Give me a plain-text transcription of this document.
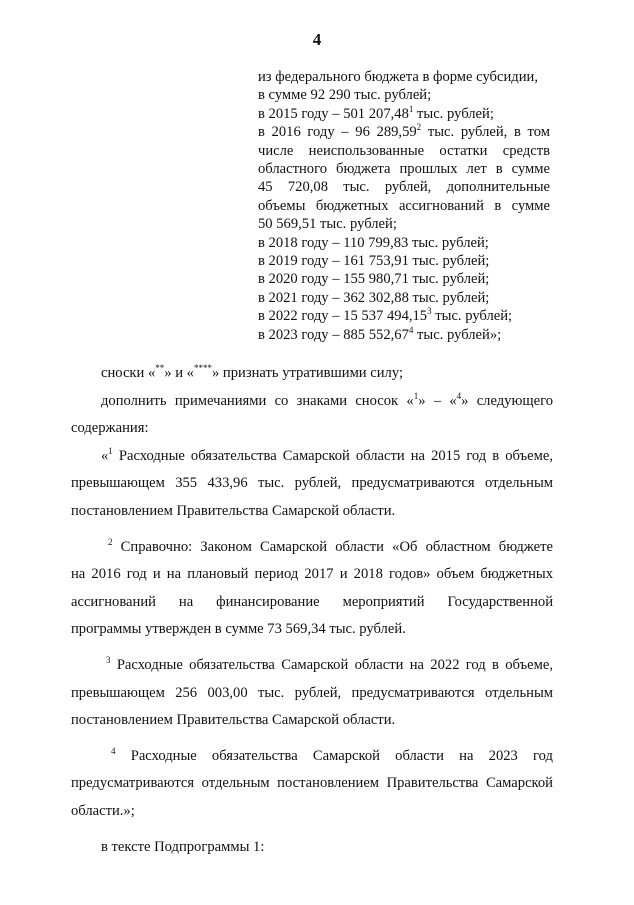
4
из федерального бюджета в форме субсидии,
в сумме 92 290 тыс. рублей;
в 2015 году – 501 207,48$^1$ тыс. рублей;
в 2016 году – 96 289,59$^2$ тыс. рублей, в том
числе неиспользованные остатки средств
областного бюджета прошлых лет в сумме
45 720,08 тыс. рублей, дополнительные
объемы бюджетных ассигнований в сумме
50 569,51 тыс. рублей;
в 2018 году – 110 799,83 тыс. рублей;
в 2019 году – 161 753,91 тыс. рублей;
в 2020 году – 155 980,71 тыс. рублей;
в 2021 году – 362 302,88 тыс. рублей;
в 2022 году – 15 537 494,15$^3$ тыс. рублей;
в 2023 году – 885 552,67$^4$ тыс. рублей»;

сноски «**» и «****» признать утратившими силу;

дополнить примечаниями со знаками сносок «$^1$» – «$^4$» следующего
содержания:

«$^1$ Расходные обязательства Самарской области на 2015 год в объеме,
превышающем 355 433,96 тыс. рублей, предусматриваются отдельным
постановлением Правительства Самарской области.

$^2$ Справочно: Законом Самарской области «Об областном бюджете
на 2016 год и на плановый период 2017 и 2018 годов» объем бюджетных
ассигнований на финансирование мероприятий Государственной
программы утвержден в сумме 73 569,34 тыс. рублей.

$^3$ Расходные обязательства Самарской области на 2022 год в объеме,
превышающем 256 003,00 тыс. рублей, предусматриваются отдельным
постановлением Правительства Самарской области.

$^4$ Расходные обязательства Самарской области на 2023 год
предусматриваются отдельным постановлением Правительства Самарской
области.»;

в тексте Подпрограммы 1:
